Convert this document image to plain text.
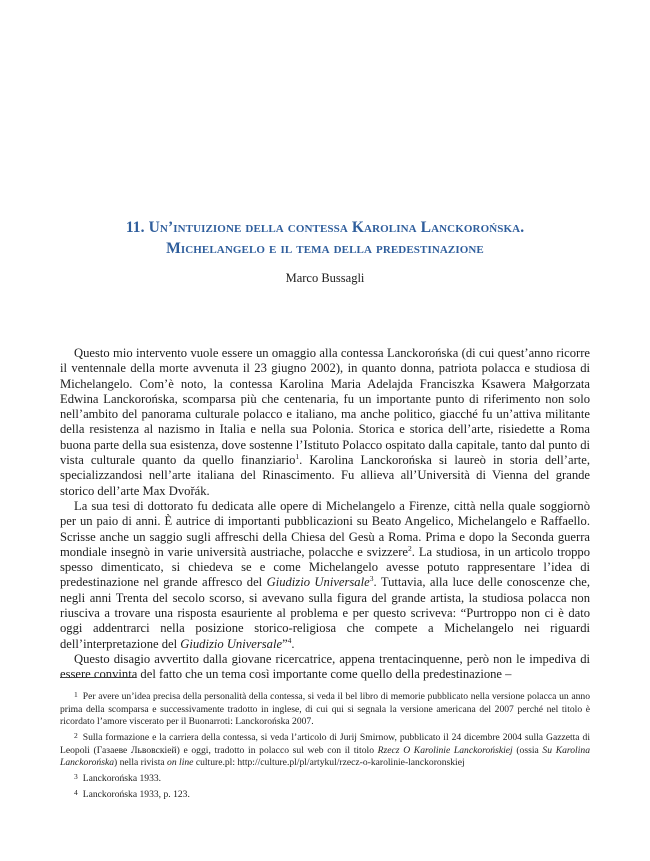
11. Un’intuizione della contessa Karolina Lanckorońska.
Michelangelo e il tema della predestinazione
Marco Bussagli

Questo mio intervento vuole essere un omaggio alla contessa Lanckorońska (di cui quest’anno ricorre il ventennale della morte avvenuta il 23 giugno 2002), in quanto donna, patriota polacca e studiosa di Michelangelo. Com’è noto, la contessa Karolina Maria Adelajda Franciszka Ksawera Małgorzata Edwina Lanckorońska, scomparsa più che centenaria, fu un importante punto di riferimento non solo nell’ambito del panorama culturale polacco e italiano, ma anche politico, giacché fu un’attiva militante della resistenza al nazismo in Italia e nella sua Polonia. Storica e storica dell’arte, risiedette a Roma buona parte della sua esistenza, dove sostenne l’Istituto Polacco ospitato dalla capitale, tanto dal punto di vista culturale quanto da quello finanziario$^1$. Karolina Lanckorońska si laureò in storia dell’arte, specializzandosi nell’arte italiana del Rinascimento. Fu allieva all’Università di Vienna del grande storico dell’arte Max Dvořák.

La sua tesi di dottorato fu dedicata alle opere di Michelangelo a Firenze, città nella quale soggiornò per un paio di anni. È autrice di importanti pubblicazioni su Beato Angelico, Michelangelo e Raffaello. Scrisse anche un saggio sugli affreschi della Chiesa del Gesù a Roma. Prima e dopo la Seconda guerra mondiale insegnò in varie università austriache, polacche e svizzere$^2$. La studiosa, in un articolo troppo spesso dimenticato, si chiedeva se e come Michelangelo avesse potuto rappresentare l’idea di predestinazione nel grande affresco del Giudizio Universale$^3$. Tuttavia, alla luce delle conoscenze che, negli anni Trenta del secolo scorso, si avevano sulla figura del grande artista, la studiosa polacca non riusciva a trovare una risposta esauriente al problema e per questo scriveva: “Purtroppo non ci è dato oggi addentrarci nella posizione storico-religiosa che compete a Michelangelo nei riguardi dell’interpretazione del Giudizio Universale”$^4$.

Questo disagio avvertito dalla giovane ricercatrice, appena trentacinquenne, però non le impediva di essere convinta del fatto che un tema così importante come quello della predestinazione –

$^1$ Per avere un’idea precisa della personalità della contessa, si veda il bel libro di memorie pubblicato nella versione polacca un anno prima della scomparsa e successivamente tradotto in inglese, di cui qui si segnala la versione americana del 2007 perché nel titolo è ricordato l’amore viscerato per il Buonarroti: Lanckorońska 2007.

$^2$ Sulla formazione e la carriera della contessa, si veda l’articolo di Jurij Smirnow, pubblicato il 24 dicembre 2004 sulla Gazzetta di Leopoli (Газаеве Львовскiей) e oggi, tradotto in polacco sul web con il titolo Rzecz O Karolinie Lanckorońskiej (ossia Su Karolina Lanckorońska) nella rivista on line culture.pl: http://culture.pl/pl/artykul/rzecz-o-karolinie-lanckoronskiej

$^3$ Lanckorońska 1933.

$^4$ Lanckorońska 1933, p. 123.
